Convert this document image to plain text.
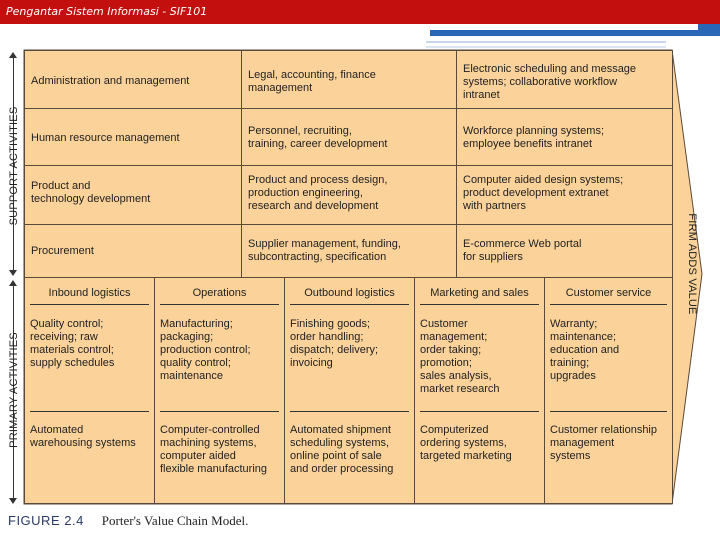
Pengantar Sistem Informasi - SIF101
SUPPORT ACTIVITIES
PRIMARY ACTIVITIES
FIRM ADDS VALUE
Administration and management	Legal, accounting, finance
management
Electronic scheduling and message
systems; collaborative workflow
intranet
Human resource management
Personnel, recruiting,
training, career development
Workforce planning systems;
employee benefits intranet
Product and
technology development
Product and process design,
production engineering,
research and development
Computer aided design systems;
product development extranet
with partners
Procurement
Supplier management, funding,
subcontracting, specification
E-commerce Web portal
for suppliers
Inbound logistics
Quality control;
receiving; raw
materials control;
supply schedules
Automated
warehousing systems
Operations
Manufacturing;
packaging;
production control;
quality control;
maintenance
Computer-controlled
machining systems,
computer aided
flexible manufacturing
Outbound logistics
Finishing goods;
order handling;
dispatch; delivery;
invoicing
Automated shipment
scheduling systems,
online point of sale
and order processing
Marketing and sales
Customer
management;
order taking;
promotion;
sales analysis,
market research
Computerized
ordering systems,
targeted marketing
Customer service
Warranty;
maintenance;
education and
training;
upgrades
Customer relationship
management
systems
FIGURE 2.4 Porter's Value Chain Model.
